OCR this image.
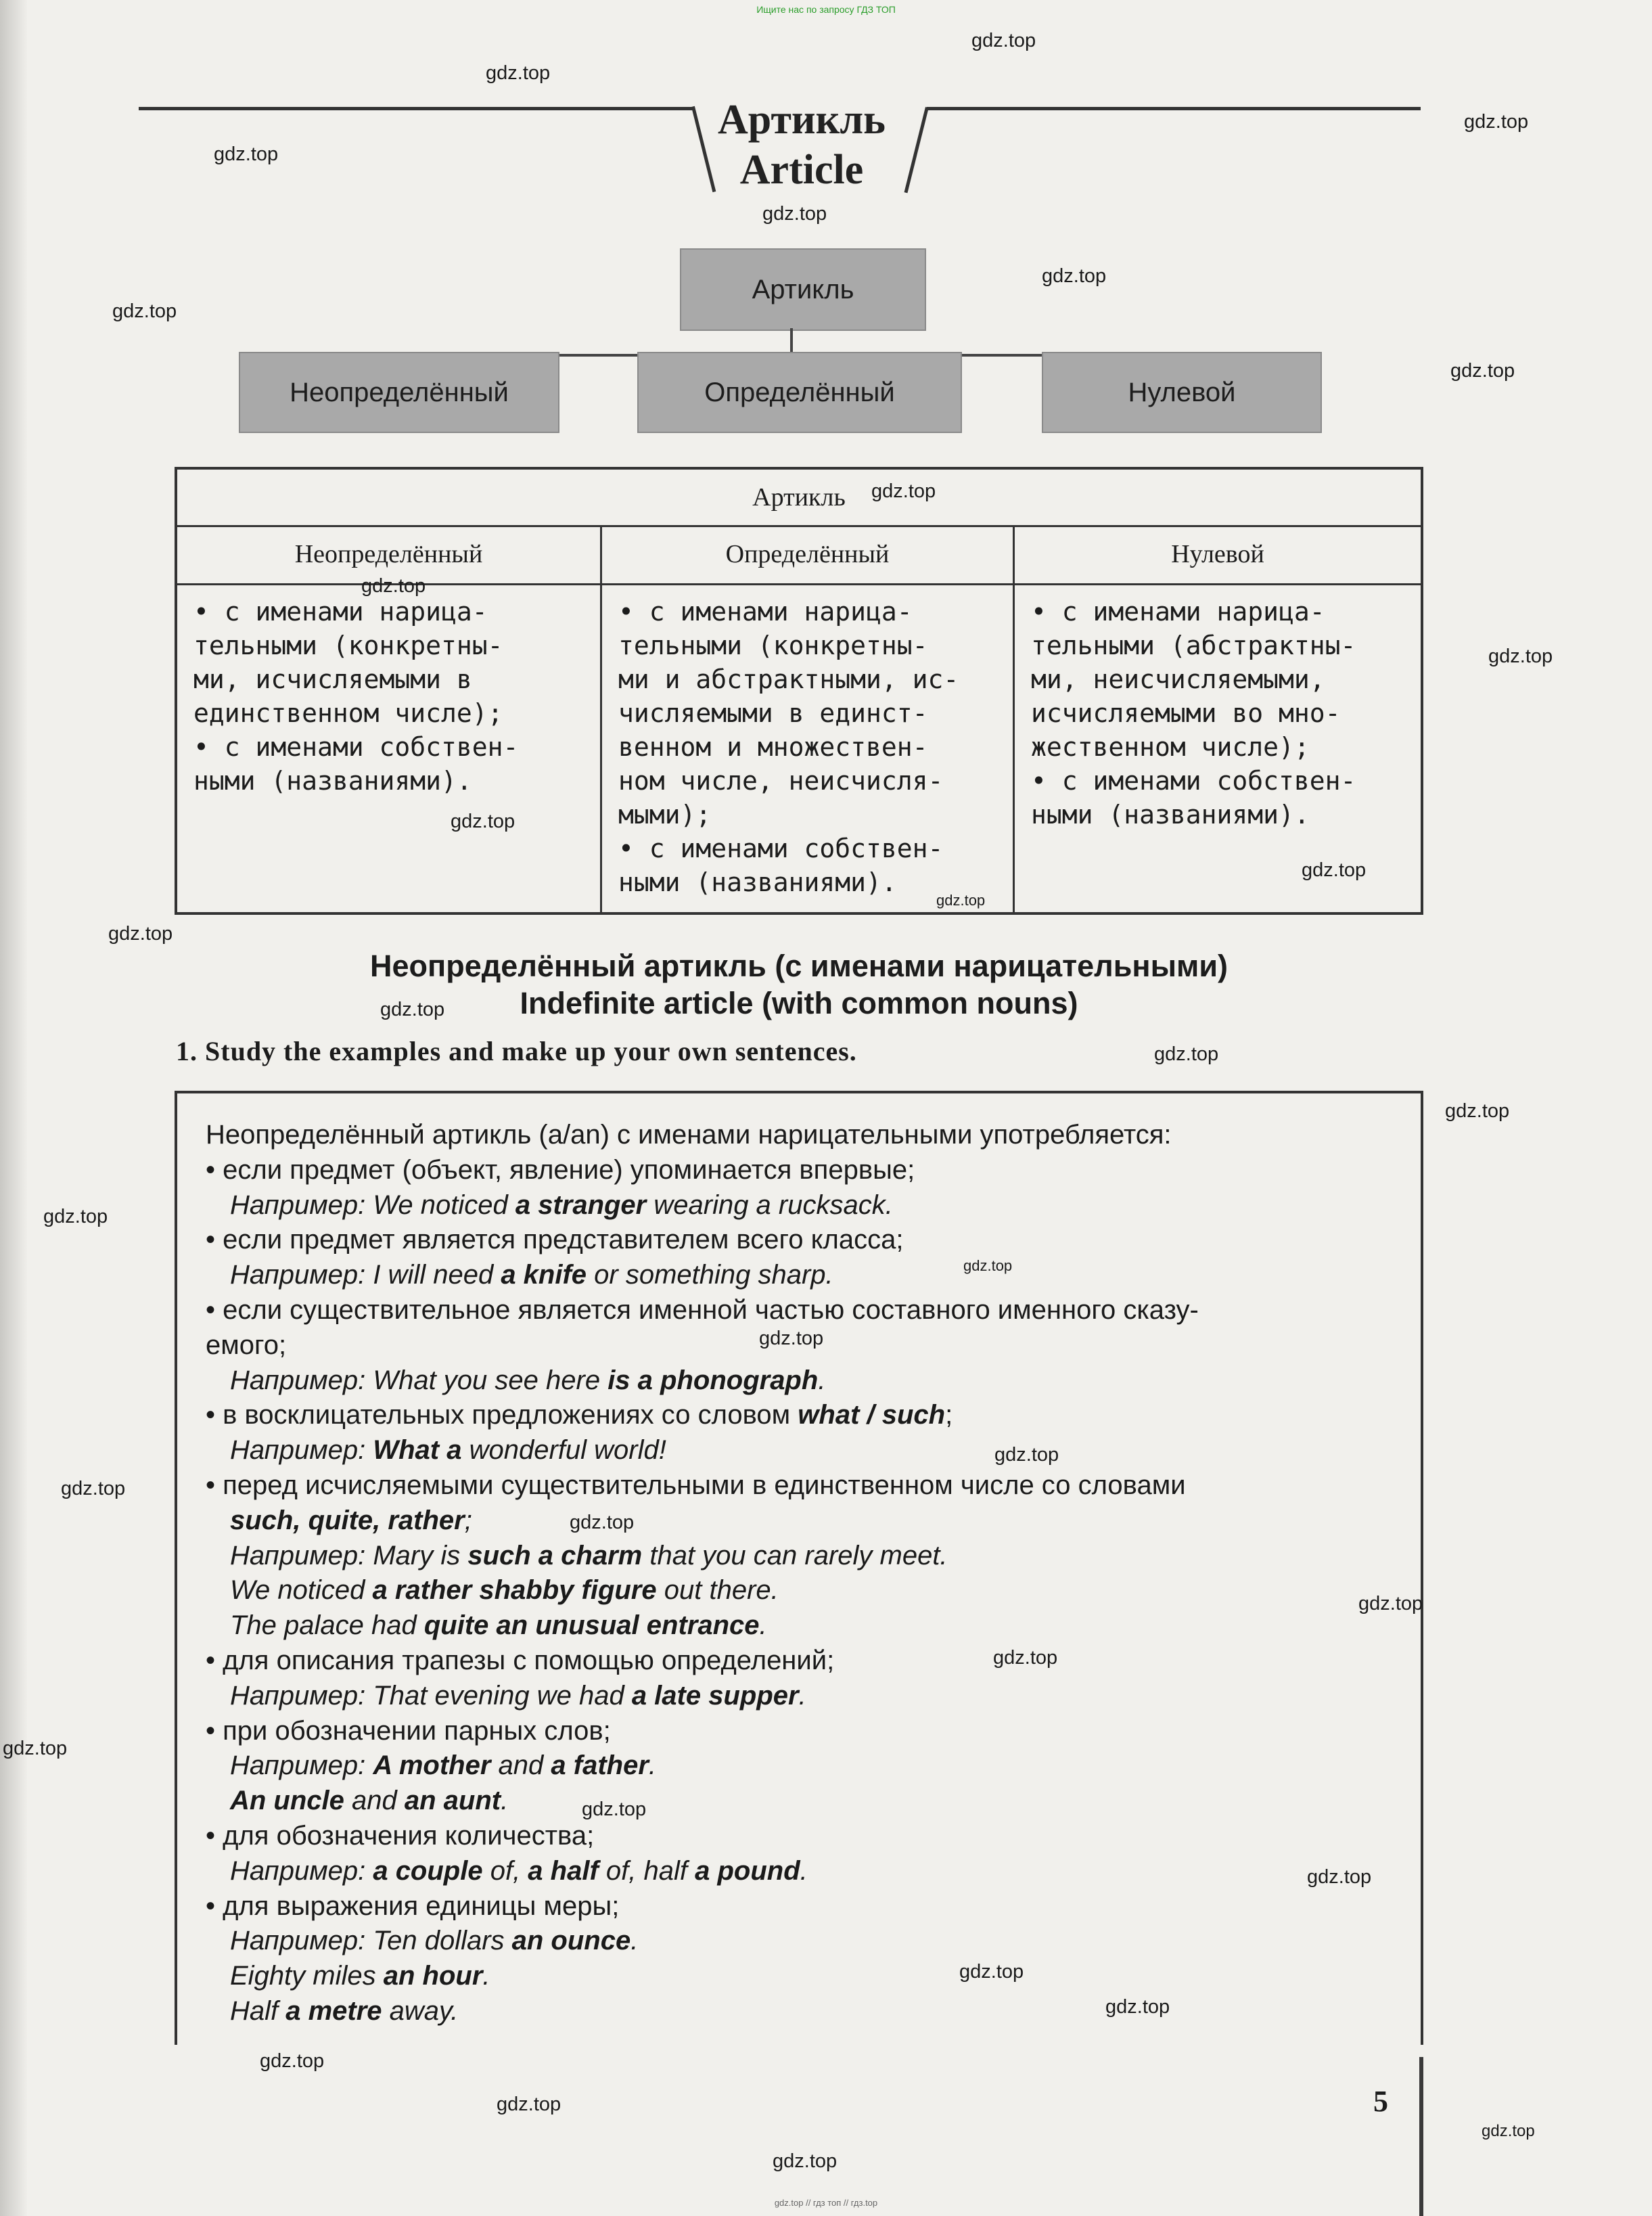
Ищите нас по запросу ГДЗ ТОП
Артикль
Article
Артикль
Неопределённый	Определённый	Нулевой
Артикль
Неопределённый

• с именами нарица-

тельными (конкретны-

ми, исчисляемыми в

единственном числе);

• с именами собствен-

ными (названиями).

Определённый

• с именами нарица-

тельными (конкретны-

ми и абстрактными, ис-

числяемыми в единст-

венном и множествен-

ном числе, неисчисля-

мыми);

• с именами собствен-

ными (названиями).

Нулевой

• с именами нарица-

тельными (абстрактны-

ми, неисчисляемыми,

исчисляемыми во мно-

жественном числе);

• с именами собствен-

ными (названиями).

Неопределённый артикль (с именами нарицательными)
Indefinite article (with common nouns)
1. Study the examples and make up your own sentences.

Неопределённый артикль (a/an) с именами нарицательными употребляется:

• если предмет (объект, явление) упоминается впервые;

Например: We noticed a stranger wearing a rucksack.

• если предмет является представителем всего класса;

Например: I will need a knife or something sharp.

• если существительное является именной частью составного именного сказу-

емого;

Например: What you see here is a phonograph.

• в восклицательных предложениях со словом what / such;

Например: What a wonderful world!

• перед исчисляемыми существительными в единственном числе со словами

such, quite, rather;

Например: Mary is such a charm that you can rarely meet.

We noticed a rather shabby figure out there.

The palace had quite an unusual entrance.

• для описания трапезы с помощью определений;

Например: That evening we had a late supper.

• при обозначении парных слов;

Например: A mother and a father.

An uncle and an aunt.

• для обозначения количества;

Например: a couple of, a half of, half a pound.

• для выражения единицы меры;

Например: Ten dollars an ounce.

Eighty miles an hour.

Half a metre away.

5
gdz.top // гдз топ // гдз.top
gdz.top
gdz.top
gdz.top
gdz.top
gdz.top
gdz.top
gdz.top
gdz.top
gdz.top
gdz.top
gdz.top
gdz.top
gdz.top
gdz.top
gdz.top
gdz.top
gdz.top
gdz.top
gdz.top
gdz.top
gdz.top
gdz.top
gdz.top
gdz.top
gdz.top
gdz.top
gdz.top
gdz.top
gdz.top
gdz.top
gdz.top
gdz.top
gdz.top
gdz.top
gdz.top
